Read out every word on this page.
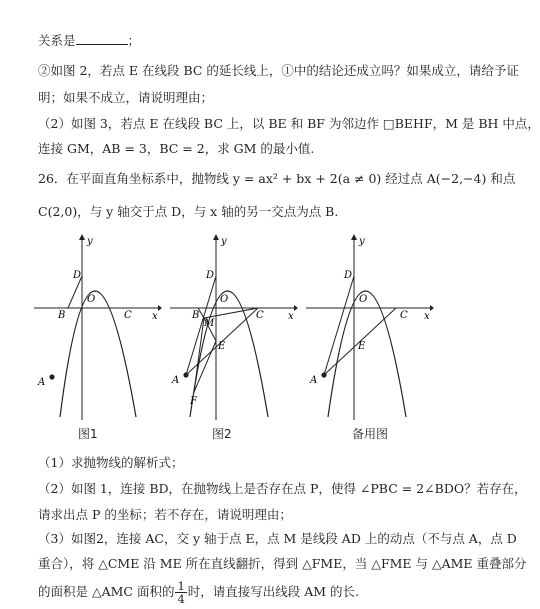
关系是	；
②如图 2，若点 E 在线段 BC 的延长线上，①中的结论还成立吗？如果成立，请给予证
明；如果不成立，请说明理由；
（2）如图 3，若点 E 在线段 BC 上，以 BE 和 BF 为邻边作 □BEHF，M 是 BH 中点，
连接 GM，AB = 3，BC = 2，求 GM 的最小值.
26．在平面直角坐标系中，抛物线 y = ax² + bx + 2(a ≠ 0) 经过点 A(−2,−4) 和点
C(2,0)，与 y 轴交于点 D，与 x 轴的另一交点为点 B.
y
x
O
D
B	C
A
y
x
O
D
B	C
M
E
F
A
y
x
O
D
C
E
A
图1	图2	备用图
（1）求抛物线的解析式；
（2）如图 1，连接 BD，在抛物线上是否存在点 P，使得 ∠PBC = 2∠BDO？若存在，
请求出点 P 的坐标；若不存在，请说明理由；
（3）如图2，连接 AC，交 y 轴于点 E，点 M 是线段 AD 上的动点（不与点 A，点 D
重合），将 △CME 沿 ME 所在直线翻折，得到 △FME，当 △FME 与 △AME 重叠部分
的面积是 △AMC 面积的 $\frac{1}{4}$ 时，请直接写出线段 AM 的长.
